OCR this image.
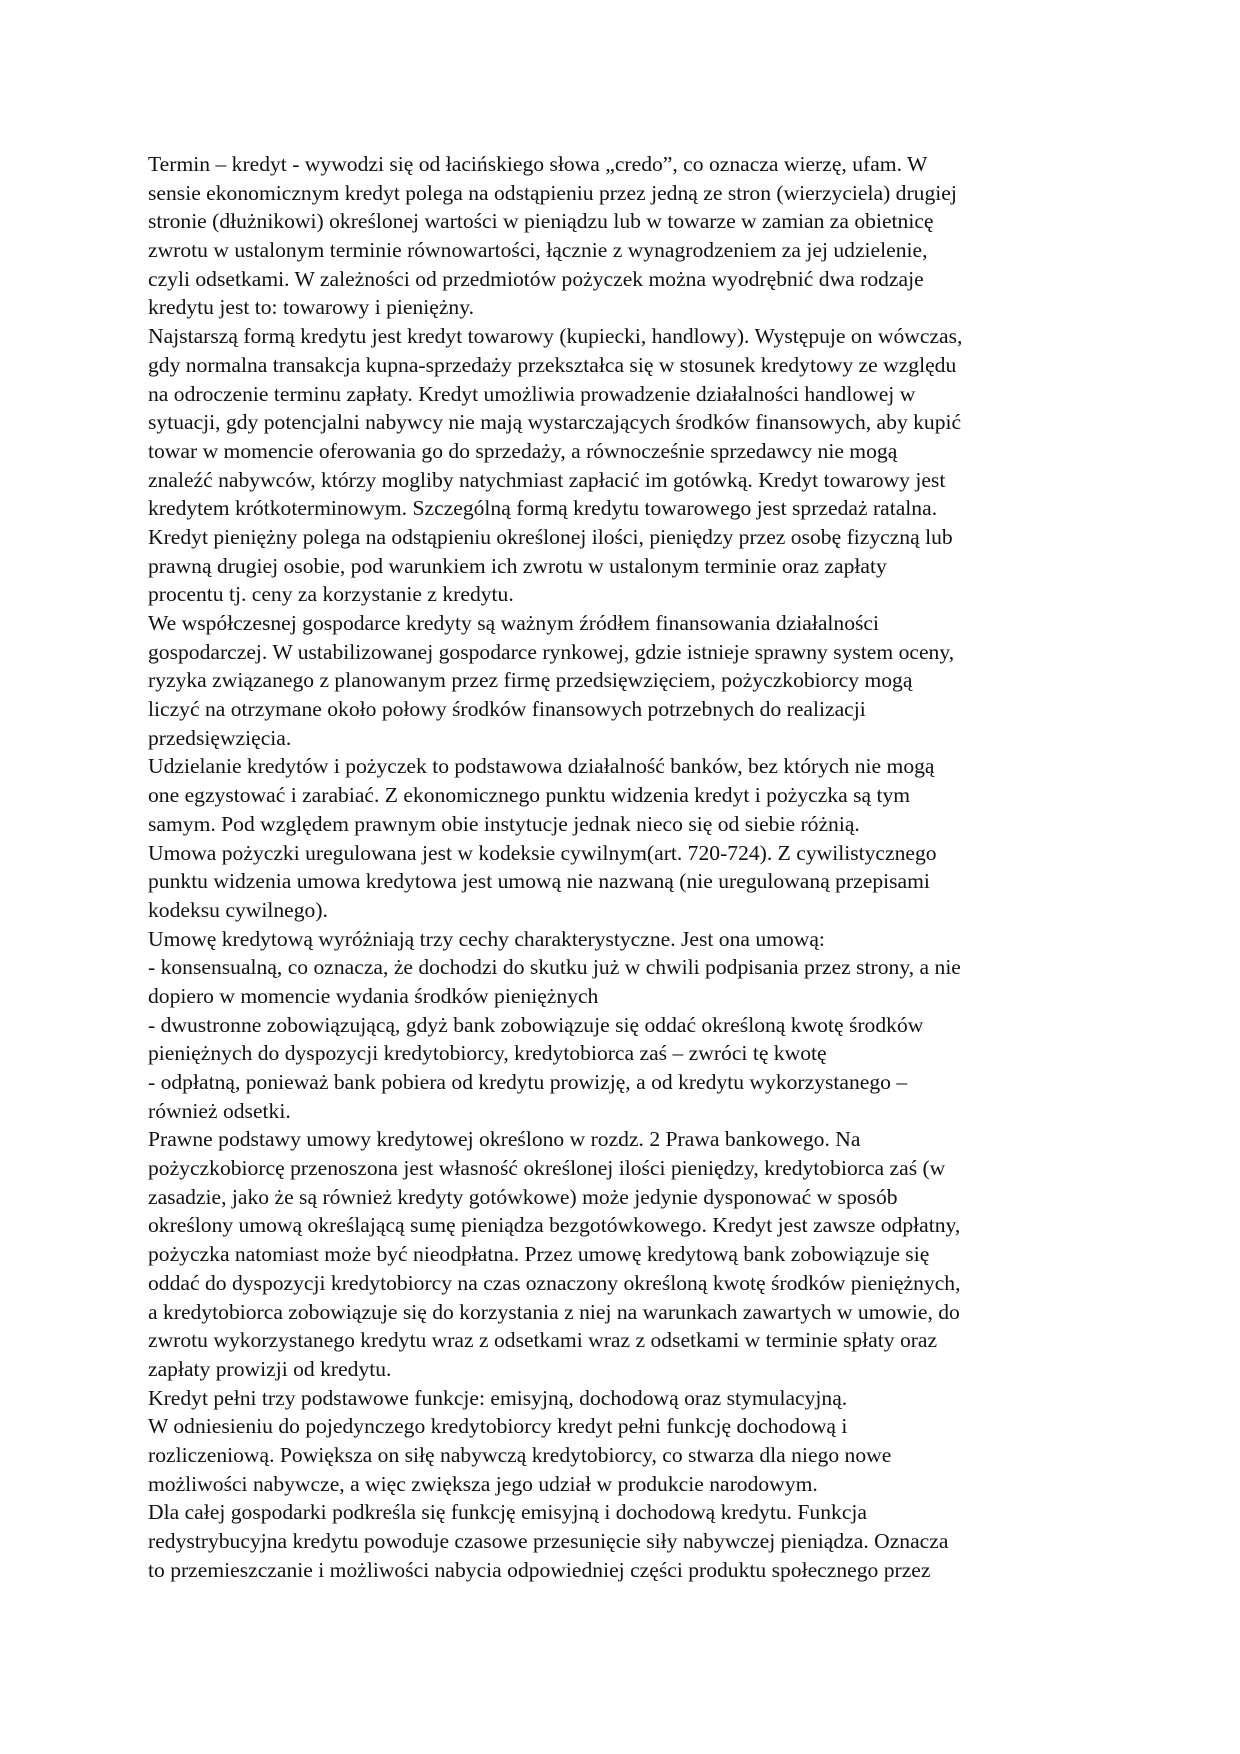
Termin – kredyt - wywodzi się od łacińskiego słowa „credo”, co oznacza wierzę, ufam. W
sensie ekonomicznym kredyt polega na odstąpieniu przez jedną ze stron (wierzyciela) drugiej
stronie (dłużnikowi) określonej wartości w pieniądzu lub w towarze w zamian za obietnicę
zwrotu w ustalonym terminie równowartości, łącznie z wynagrodzeniem za jej udzielenie,
czyli odsetkami. W zależności od przedmiotów pożyczek można wyodrębnić dwa rodzaje
kredytu jest to: towarowy i pieniężny.
Najstarszą formą kredytu jest kredyt towarowy (kupiecki, handlowy). Występuje on wówczas,
gdy normalna transakcja kupna-sprzedaży przekształca się w stosunek kredytowy ze względu
na odroczenie terminu zapłaty. Kredyt umożliwia prowadzenie działalności handlowej w
sytuacji, gdy potencjalni nabywcy nie mają wystarczających środków finansowych, aby kupić
towar w momencie oferowania go do sprzedaży, a równocześnie sprzedawcy nie mogą
znaleźć nabywców, którzy mogliby natychmiast zapłacić im gotówką. Kredyt towarowy jest
kredytem krótkoterminowym. Szczególną formą kredytu towarowego jest sprzedaż ratalna.
Kredyt pieniężny polega na odstąpieniu określonej ilości, pieniędzy przez osobę fizyczną lub
prawną drugiej osobie, pod warunkiem ich zwrotu w ustalonym terminie oraz zapłaty
procentu tj. ceny za korzystanie z kredytu.
We współczesnej gospodarce kredyty są ważnym źródłem finansowania działalności
gospodarczej. W ustabilizowanej gospodarce rynkowej, gdzie istnieje sprawny system oceny,
ryzyka związanego z planowanym przez firmę przedsięwzięciem, pożyczkobiorcy mogą
liczyć na otrzymane około połowy środków finansowych potrzebnych do realizacji
przedsięwzięcia.
Udzielanie kredytów i pożyczek to podstawowa działalność banków, bez których nie mogą
one egzystować i zarabiać. Z ekonomicznego punktu widzenia kredyt i pożyczka są tym
samym. Pod względem prawnym obie instytucje jednak nieco się od siebie różnią.
Umowa pożyczki uregulowana jest w kodeksie cywilnym(art. 720-724). Z cywilistycznego
punktu widzenia umowa kredytowa jest umową nie nazwaną (nie uregulowaną przepisami
kodeksu cywilnego).
Umowę kredytową wyróżniają trzy cechy charakterystyczne. Jest ona umową:
- konsensualną, co oznacza, że dochodzi do skutku już w chwili podpisania przez strony, a nie
dopiero w momencie wydania środków pieniężnych
- dwustronne zobowiązującą, gdyż bank zobowiązuje się oddać określoną kwotę środków
pieniężnych do dyspozycji kredytobiorcy, kredytobiorca zaś – zwróci tę kwotę
- odpłatną, ponieważ bank pobiera od kredytu prowizję, a od kredytu wykorzystanego –
również odsetki.
Prawne podstawy umowy kredytowej określono w rozdz. 2 Prawa bankowego. Na
pożyczkobiorcę przenoszona jest własność określonej ilości pieniędzy, kredytobiorca zaś (w
zasadzie, jako że są również kredyty gotówkowe) może jedynie dysponować w sposób
określony umową określającą sumę pieniądza bezgotówkowego. Kredyt jest zawsze odpłatny,
pożyczka natomiast może być nieodpłatna. Przez umowę kredytową bank zobowiązuje się
oddać do dyspozycji kredytobiorcy na czas oznaczony określoną kwotę środków pieniężnych,
a kredytobiorca zobowiązuje się do korzystania z niej na warunkach zawartych w umowie, do
zwrotu wykorzystanego kredytu wraz z odsetkami wraz z odsetkami w terminie spłaty oraz
zapłaty prowizji od kredytu.
Kredyt pełni trzy podstawowe funkcje: emisyjną, dochodową oraz stymulacyjną.
W odniesieniu do pojedynczego kredytobiorcy kredyt pełni funkcję dochodową i
rozliczeniową. Powiększa on siłę nabywczą kredytobiorcy, co stwarza dla niego nowe
możliwości nabywcze, a więc zwiększa jego udział w produkcie narodowym.
Dla całej gospodarki podkreśla się funkcję emisyjną i dochodową kredytu. Funkcja
redystrybucyjna kredytu powoduje czasowe przesunięcie siły nabywczej pieniądza. Oznacza
to przemieszczanie i możliwości nabycia odpowiedniej części produktu społecznego przez
